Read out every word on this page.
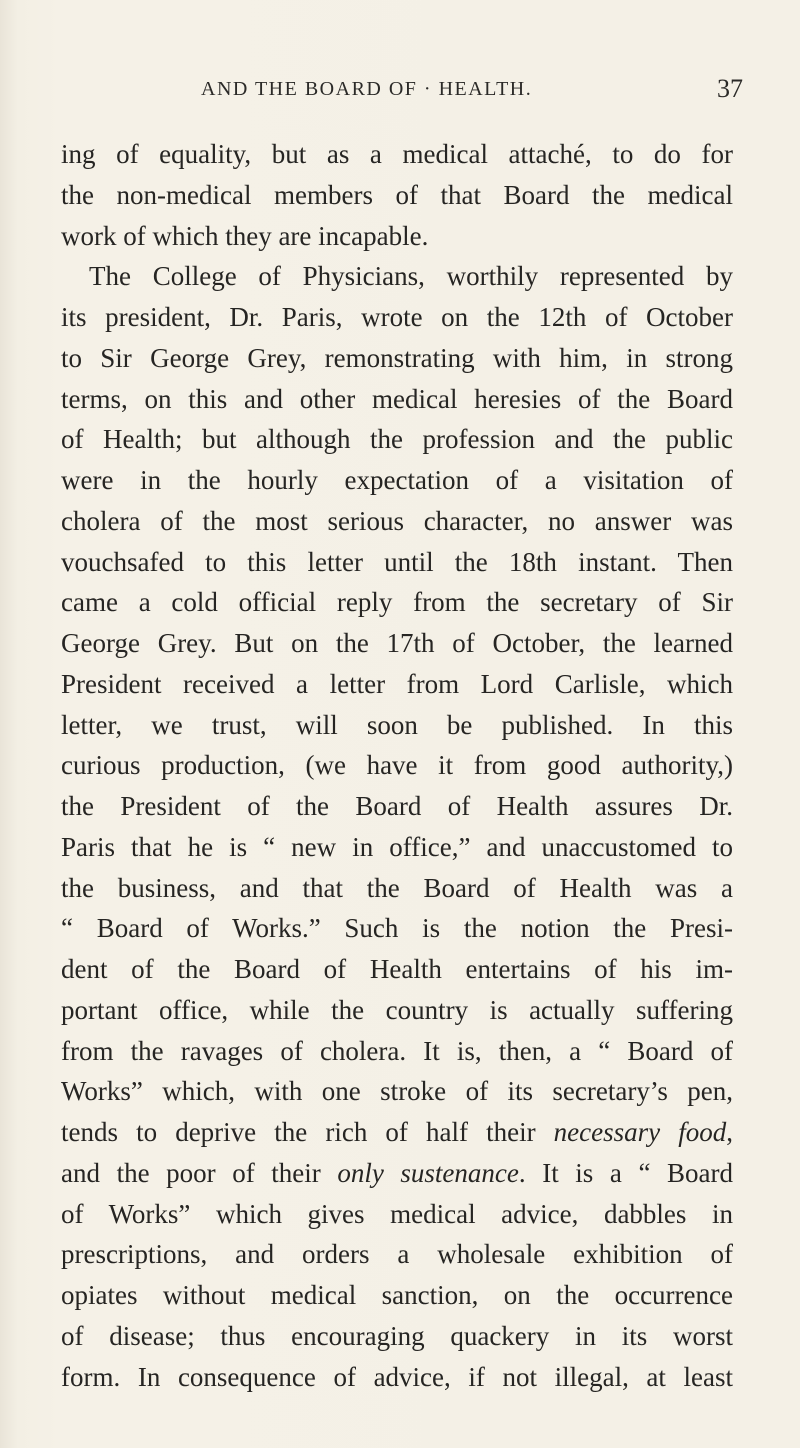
AND THE BOARD OF · HEALTH.	37
ing of equality, but as a medical attaché, to do for
the non-medical members of that Board the medical
work of which they are incapable.
The College of Physicians, worthily represented by
its president, Dr. Paris, wrote on the 12th of October
to Sir George Grey, remonstrating with him, in strong
terms, on this and other medical heresies of the Board
of Health; but although the profession and the public
were in the hourly expectation of a visitation of
cholera of the most serious character, no answer was
vouchsafed to this letter until the 18th instant. Then
came a cold official reply from the secretary of Sir
George Grey. But on the 17th of October, the learned
President received a letter from Lord Carlisle, which
letter, we trust, will soon be published. In this
curious production, (we have it from good authority,)
the President of the Board of Health assures Dr.
Paris that he is “ new in office,” and unaccustomed to
the business, and that the Board of Health was a
“ Board of Works.” Such is the notion the Presi-
dent of the Board of Health entertains of his im-
portant office, while the country is actually suffering
from the ravages of cholera. It is, then, a “ Board of
Works” which, with one stroke of its secretary’s pen,
tends to deprive the rich of half their necessary food,
and the poor of their only sustenance. It is a “ Board
of Works” which gives medical advice, dabbles in
prescriptions, and orders a wholesale exhibition of
opiates without medical sanction, on the occurrence
of disease; thus encouraging quackery in its worst
form. In consequence of advice, if not illegal, at least
